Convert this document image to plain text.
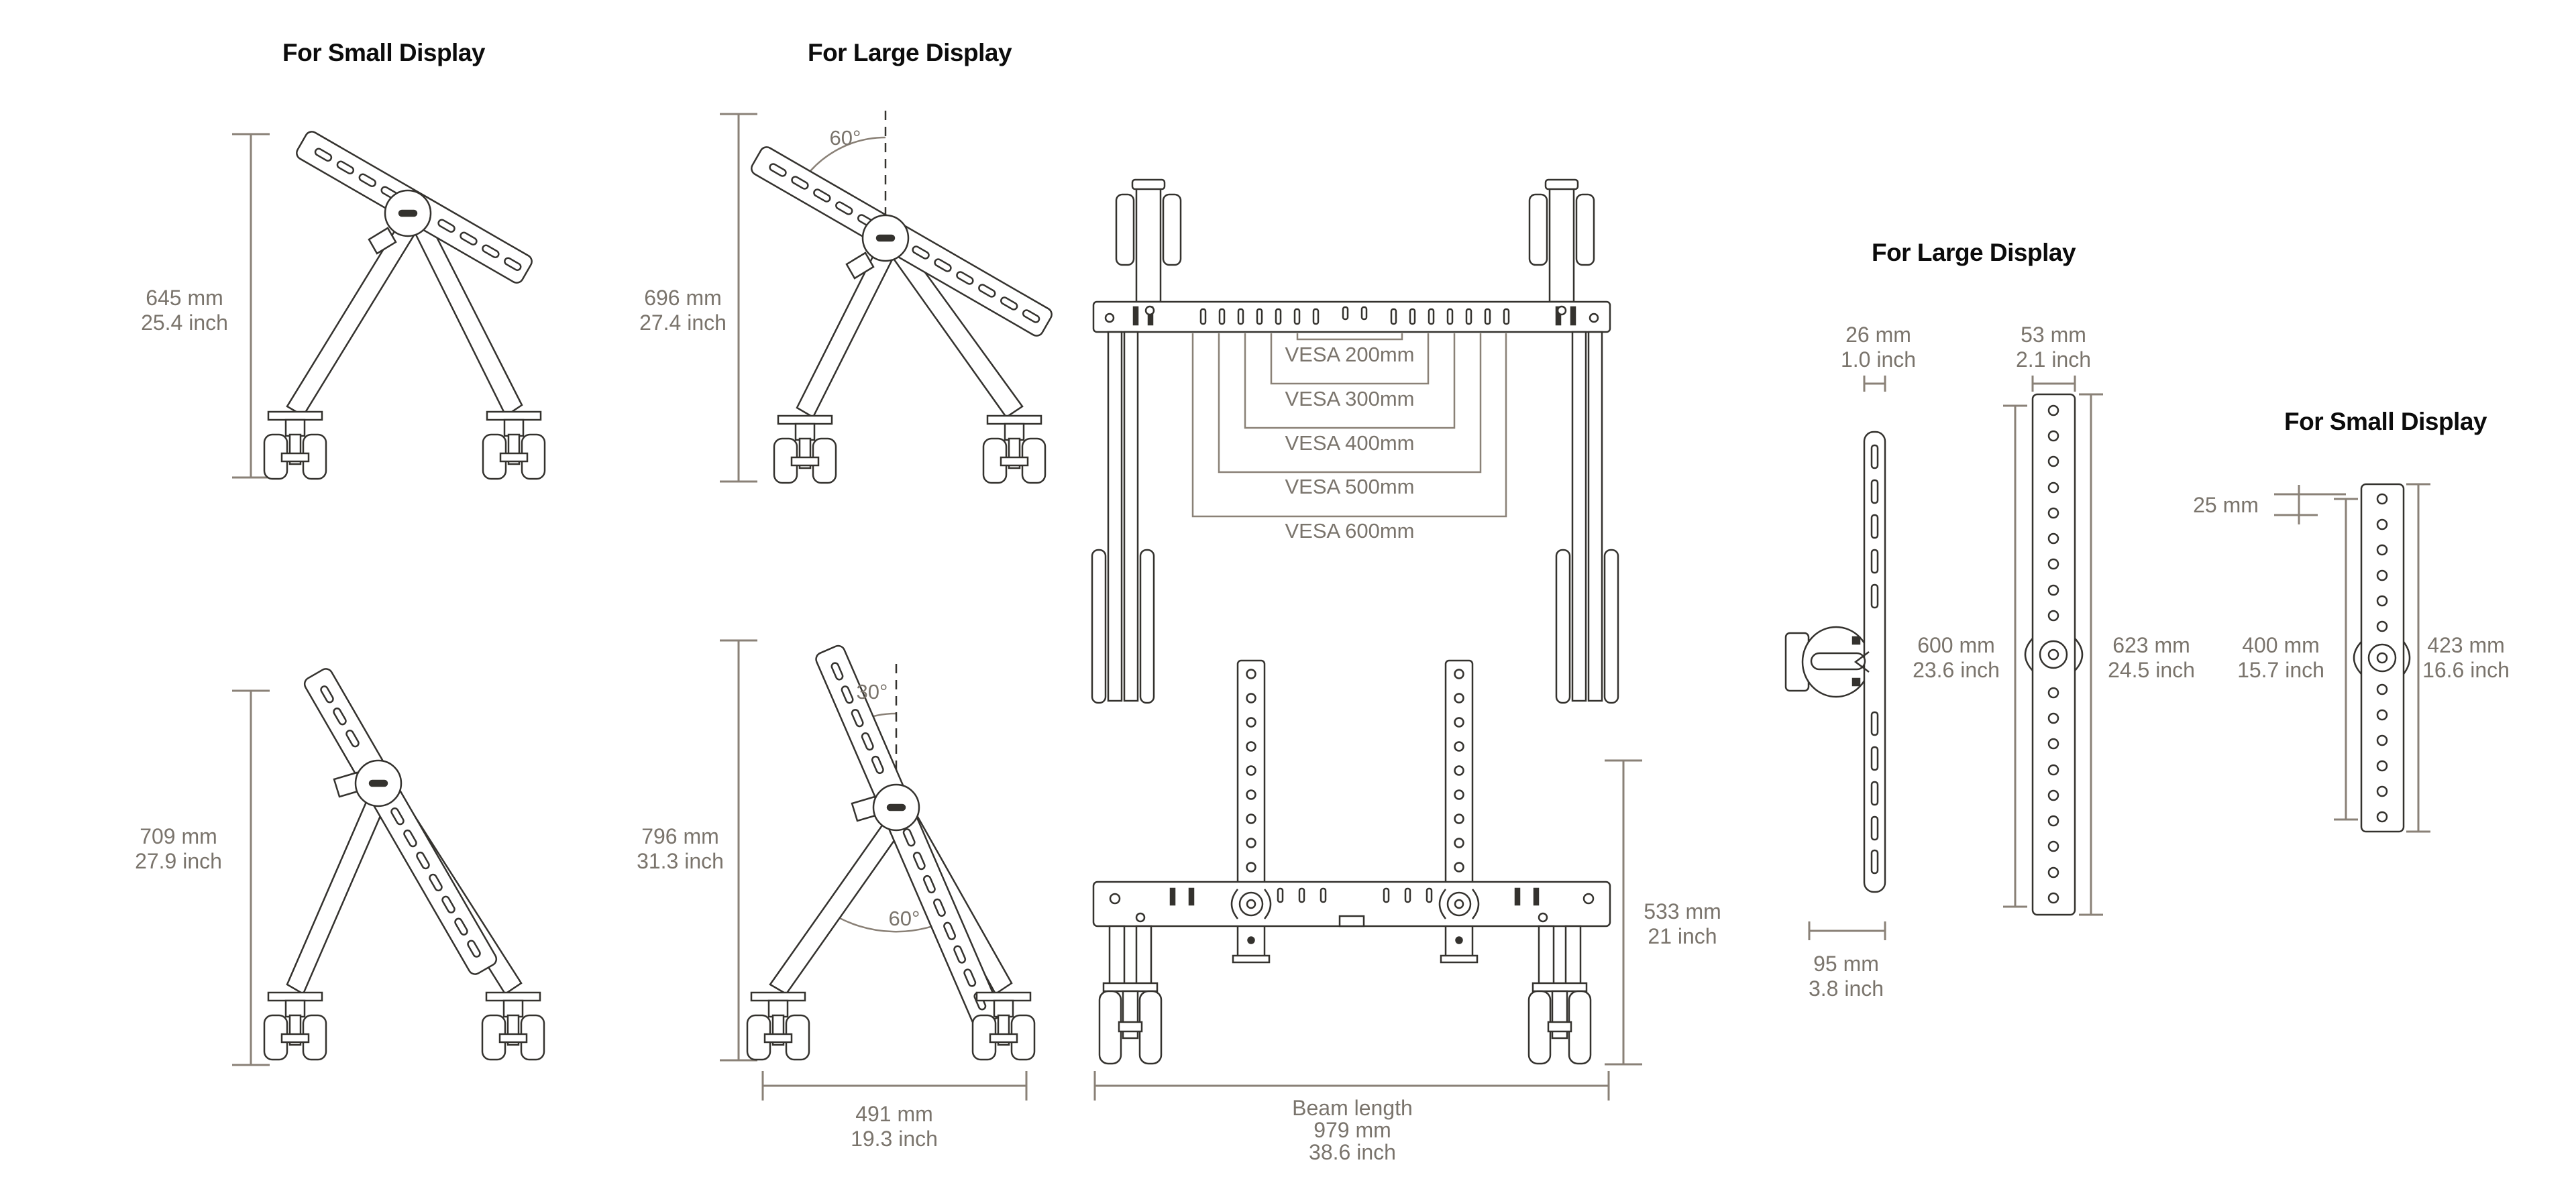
For Small Display	For Large Display
For Large Display
For Small Display
645 mm
25.4 inch
696 mm
27.4 inch
709 mm
27.9 inch
796 mm
31.3 inch
491 mm
19.3 inch
533 mm
21 inch
Beam length
979 mm
38.6 inch
26 mm
1.0 inch
53 mm
2.1 inch
95 mm
3.8 inch
600 mm
23.6 inch
623 mm
24.5 inch
25 mm
400 mm
15.7 inch
423 mm
16.6 inch
60°
30°
60°
VESA 200mm
VESA 300mm
VESA 400mm
VESA 500mm
VESA 600mm
